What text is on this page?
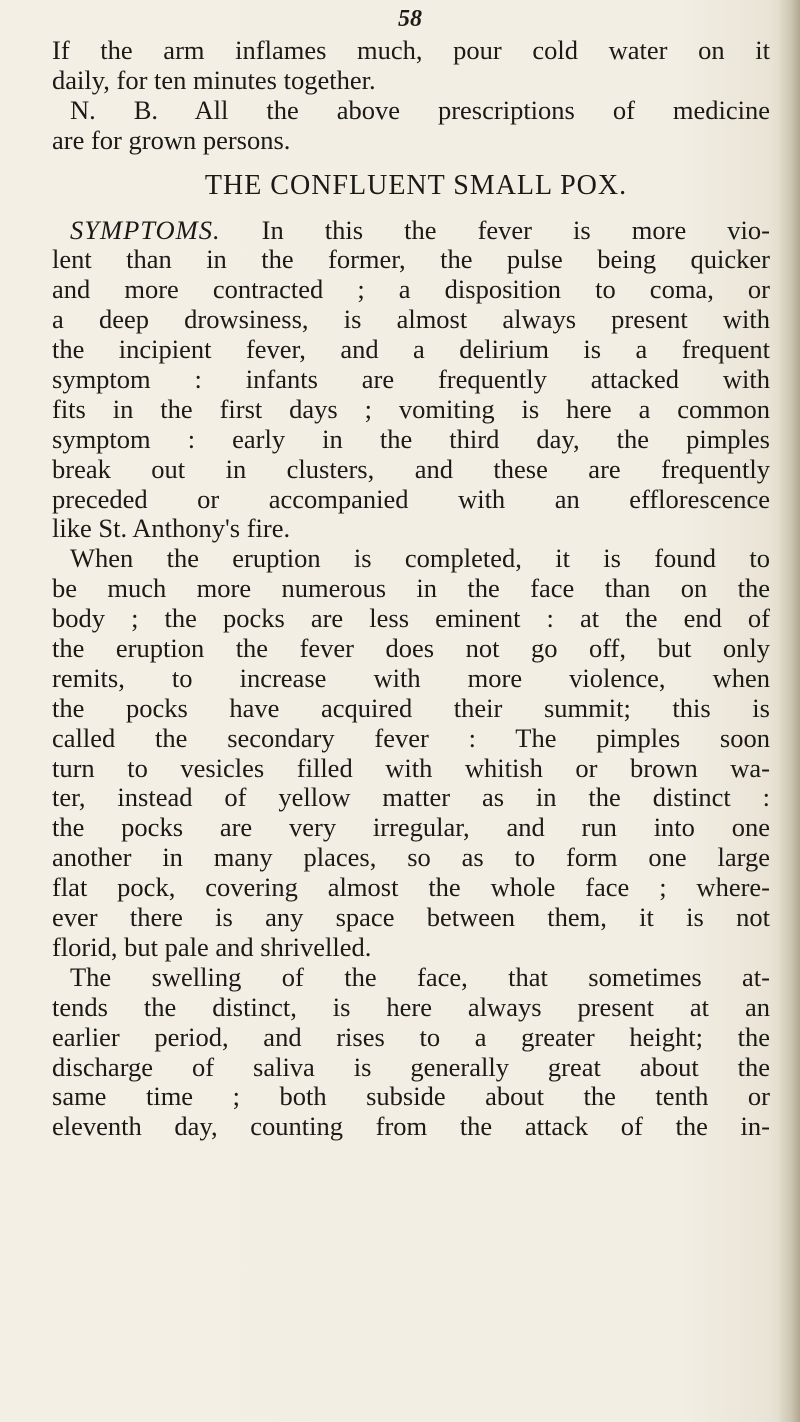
58
If the arm inflames much, pour cold water on it
daily, for ten minutes together.
N. B. All the above prescriptions of medicine
are for grown persons.
THE CONFLUENT SMALL POX.
SYMPTOMS. In this the fever is more vio-
lent than in the former, the pulse being quicker
and more contracted ; a disposition to coma, or
a deep drowsiness, is almost always present with
the incipient fever, and a delirium is a frequent
symptom : infants are frequently attacked with
fits in the first days ; vomiting is here a common
symptom : early in the third day, the pimples
break out in clusters, and these are frequently
preceded or accompanied with an efflorescence
like St. Anthony's fire.
When the eruption is completed, it is found to
be much more numerous in the face than on the
body ; the pocks are less eminent : at the end of
the eruption the fever does not go off, but only
remits, to increase with more violence, when
the pocks have acquired their summit; this is
called the secondary fever : The pimples soon
turn to vesicles filled with whitish or brown wa-
ter, instead of yellow matter as in the distinct :
the pocks are very irregular, and run into one
another in many places, so as to form one large
flat pock, covering almost the whole face ; where-
ever there is any space between them, it is not
florid, but pale and shrivelled.
The swelling of the face, that sometimes at-
tends the distinct, is here always present at an
earlier period, and rises to a greater height; the
discharge of saliva is generally great about the
same time ; both subside about the tenth or
eleventh day, counting from the attack of the in-
